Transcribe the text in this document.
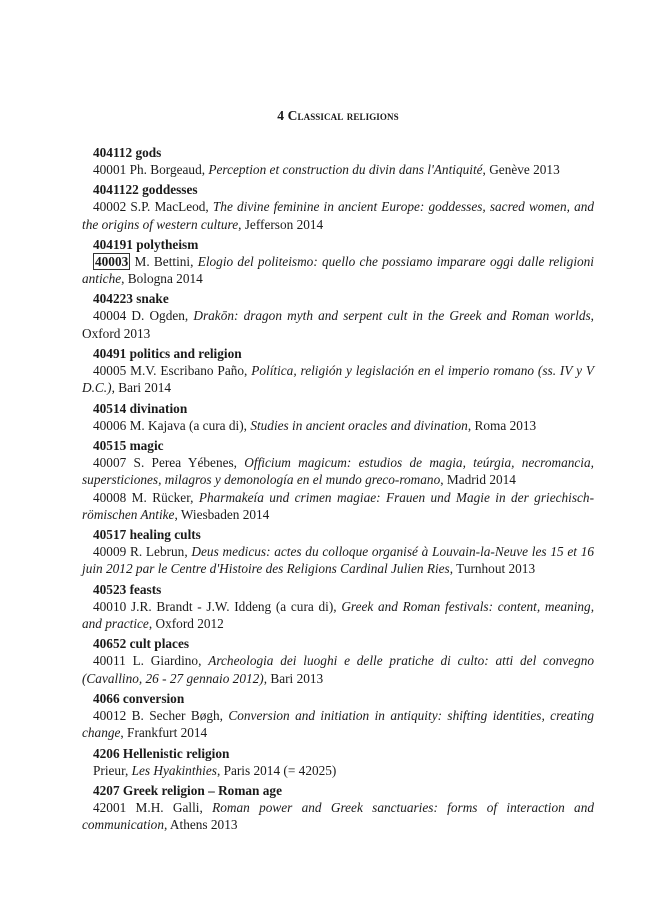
4 Classical religions
404112 gods
40001 Ph. Borgeaud, Perception et construction du divin dans l'Antiquité, Genève 2013
4041122 goddesses
40002 S.P. MacLeod, The divine feminine in ancient Europe: goddesses, sacred women, and the origins of western culture, Jefferson 2014
404191 polytheism
40003 M. Bettini, Elogio del politeismo: quello che possiamo imparare oggi dalle religioni antiche, Bologna 2014
404223 snake
40004 D. Ogden, Drakōn: dragon myth and serpent cult in the Greek and Roman worlds, Oxford 2013
40491 politics and religion
40005 M.V. Escribano Paño, Política, religión y legislación en el imperio romano (ss. IV y V D.C.), Bari 2014
40514 divination
40006 M. Kajava (a cura di), Studies in ancient oracles and divination, Roma 2013
40515 magic
40007 S. Perea Yébenes, Officium magicum: estudios de magia, teúrgia, necromancia, supersticiones, milagros y demonología en el mundo greco-romano, Madrid 2014
40008 M. Rücker, Pharmakeía und crimen magiae: Frauen und Magie in der griechisch-römischen Antike, Wiesbaden 2014
40517 healing cults
40009 R. Lebrun, Deus medicus: actes du colloque organisé à Louvain-la-Neuve les 15 et 16 juin 2012 par le Centre d'Histoire des Religions Cardinal Julien Ries, Turnhout 2013
40523 feasts
40010 J.R. Brandt - J.W. Iddeng (a cura di), Greek and Roman festivals: content, meaning, and practice, Oxford 2012
40652 cult places
40011 L. Giardino, Archeologia dei luoghi e delle pratiche di culto: atti del convegno (Cavallino, 26 - 27 gennaio 2012), Bari 2013
4066 conversion
40012 B. Secher Bøgh, Conversion and initiation in antiquity: shifting identities, creating change, Frankfurt 2014
4206 Hellenistic religion
Prieur, Les Hyakinthies, Paris 2014 (= 42025)
4207 Greek religion – Roman age
42001 M.H. Galli, Roman power and Greek sanctuaries: forms of interaction and communication, Athens 2013
